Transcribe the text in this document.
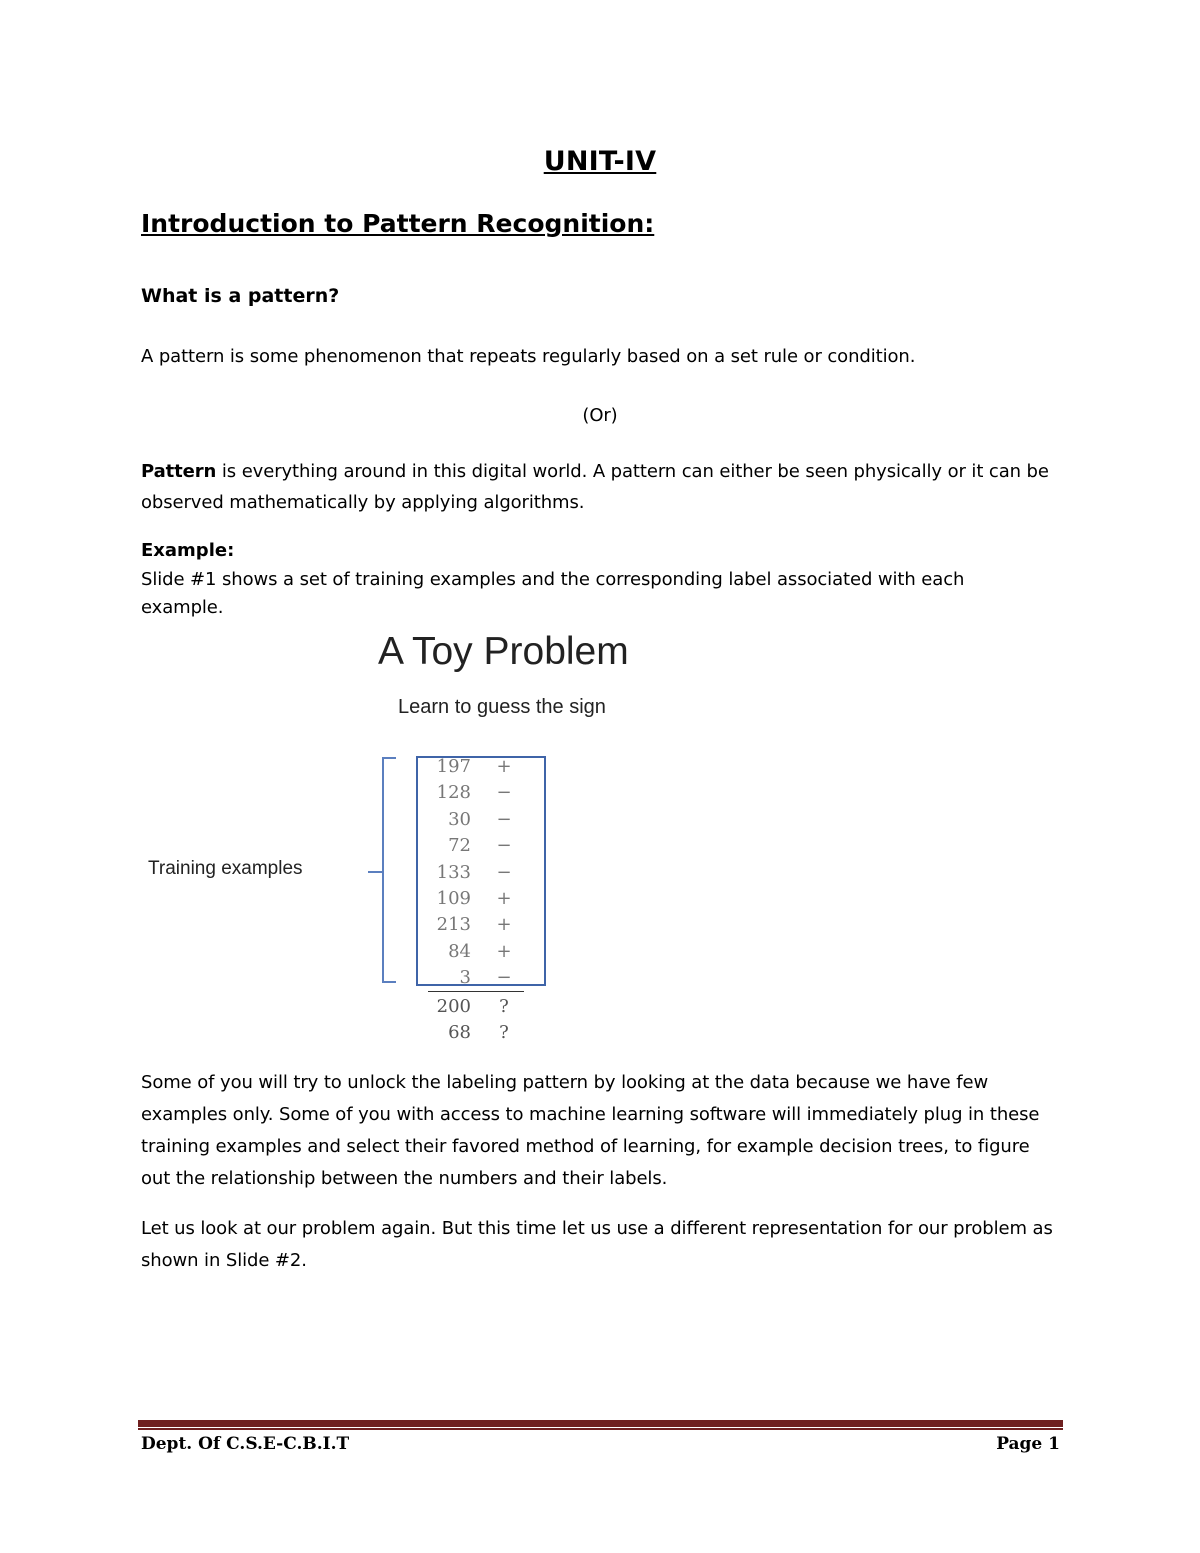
UNIT-IV
Introduction to Pattern Recognition:
What is a pattern?
A pattern is some phenomenon that repeats regularly based on a set rule or condition.
(Or)
Pattern is everything around in this digital world. A pattern can either be seen physically or it can be observed mathematically by applying algorithms.
Example:
Slide #1 shows a set of training examples and the corresponding label associated with each example.
A Toy Problem
Learn to guess the sign
Training examples
197 +
128 −
30 −
72 −
133 −
109 +
213 +
84 +
3 −
200 ?
68 ?
Some of you will try to unlock the labeling pattern by looking at the data because we have few examples only. Some of you with access to machine learning software will immediately plug in these training examples and select their favored method of learning, for example decision trees, to figure out the relationship between the numbers and their labels.
Let us look at our problem again. But this time let us use a different representation for our problem as shown in Slide #2.
Dept. Of C.S.E-C.B.I.T	Page 1
